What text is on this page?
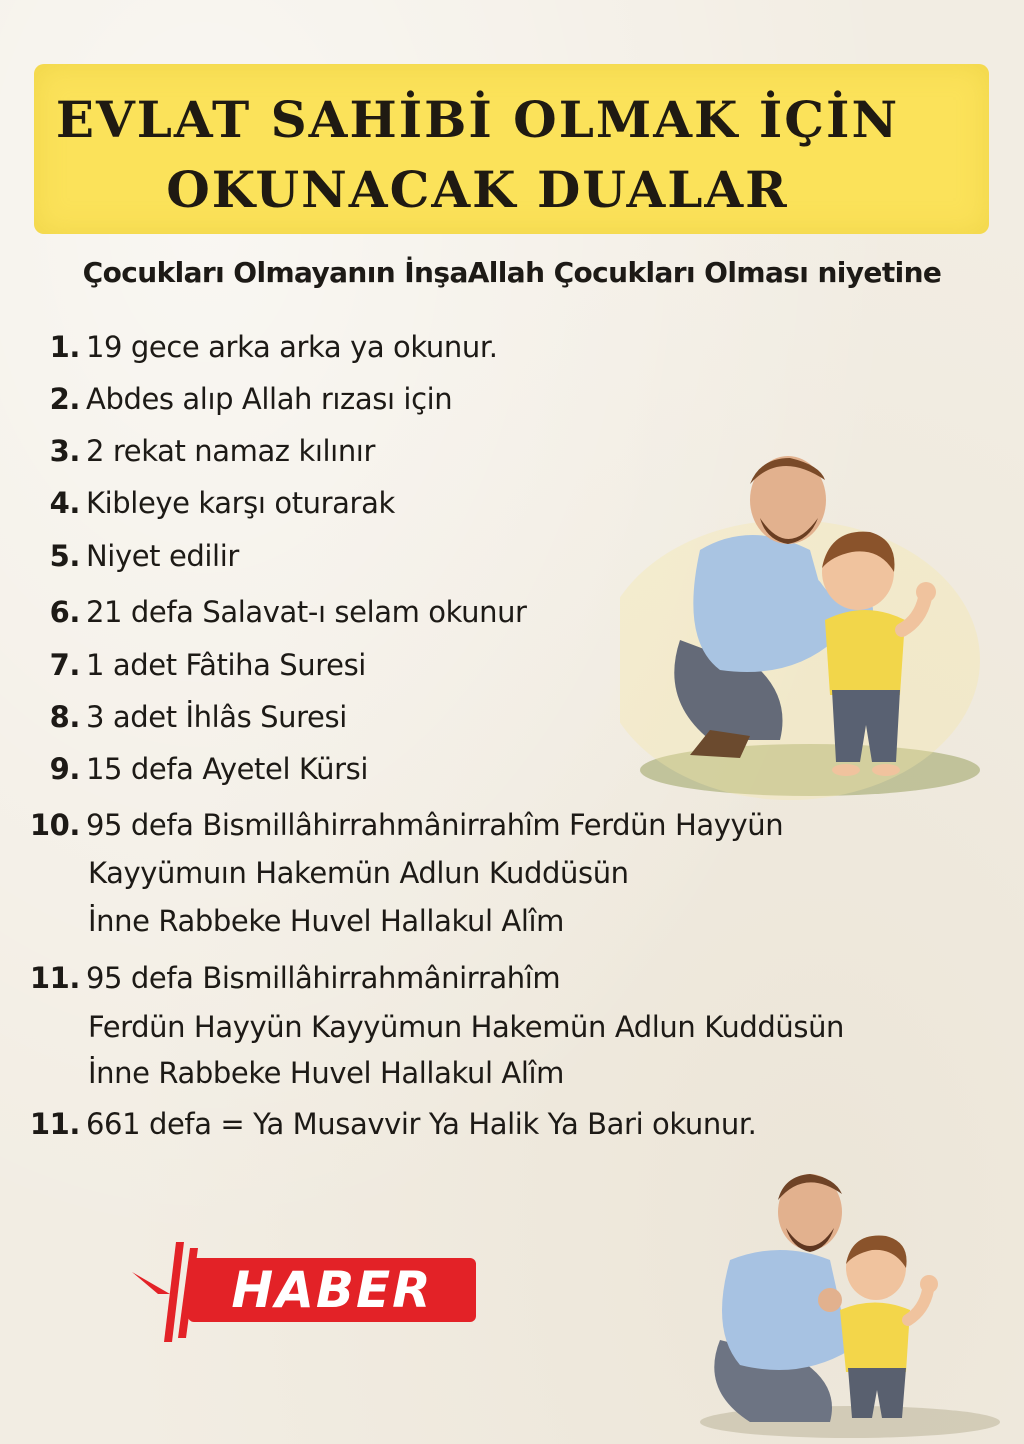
EVLAT SAHİBİ OLMAK İÇİN
OKUNACAK DUALAR
Çocukları Olmayanın İnşaAllah Çocukları Olması niyetine
1. 19 gece arka arka ya okunur.
2. Abdes alıp Allah rızası için
3. 2 rekat namaz kılınır
4. Kibleye karşı oturarak
5. Niyet edilir
6. 21 defa Salavat-ı selam okunur
7. 1 adet Fâtiha Suresi
8. 3 adet İhlâs Suresi
9. 15 defa Ayetel Kürsi
10. 95 defa Bismillâhirrahmânirrahîm Ferdün Hayyün
Kayyümuın Hakemün Adlun Kuddüsün
İnne Rabbeke Huvel Hallakul Alîm
11. 95 defa Bismillâhirrahmânirrahîm
Ferdün Hayyün Kayyümun Hakemün Adlun Kuddüsün
İnne Rabbeke Huvel Hallakul Alîm
11. 661 defa = Ya Musavvir Ya Halik Ya Bari okunur.
HABER
